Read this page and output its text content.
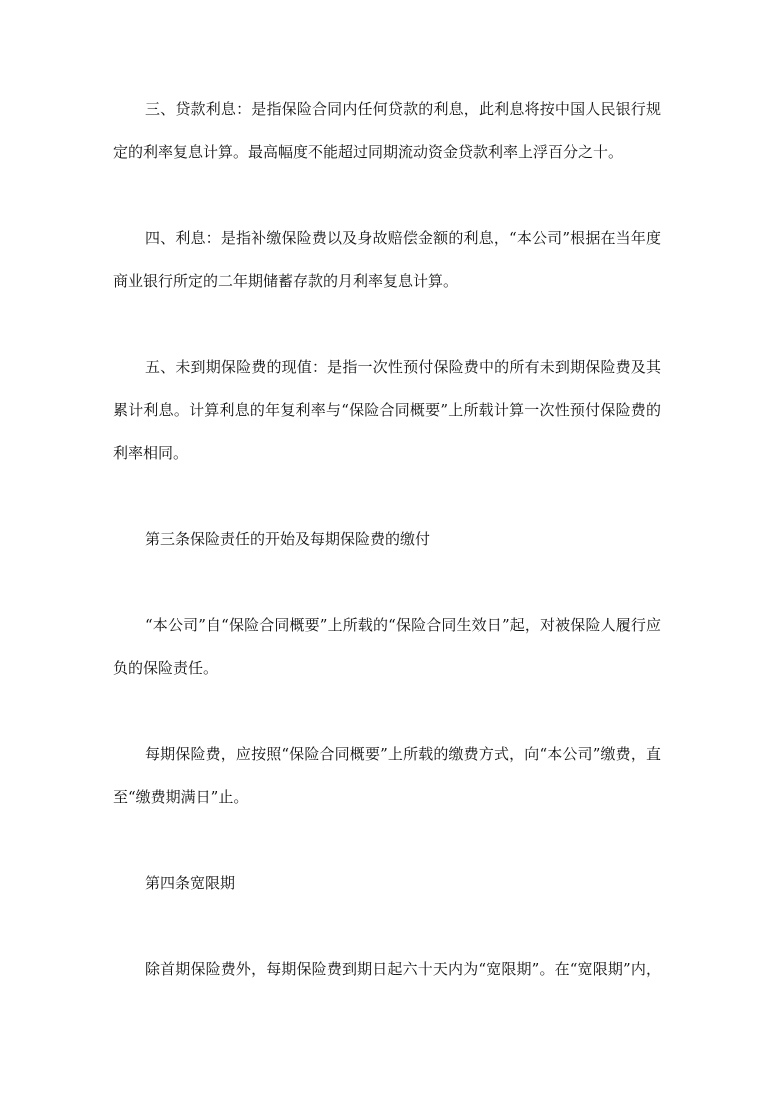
三、贷款利息：是指保险合同内任何贷款的利息，此利息将按中国人民银行规
定的利率复息计算。最高幅度不能超过同期流动资金贷款利率上浮百分之十。
四、利息：是指补缴保险费以及身故赔偿金额的利息，“本公司”根据在当年度
商业银行所定的二年期储蓄存款的月利率复息计算。
五、未到期保险费的现值：是指一次性预付保险费中的所有未到期保险费及其
累计利息。计算利息的年复利率与“保险合同概要”上所载计算一次性预付保险费的
利率相同。
第三条保险责任的开始及每期保险费的缴付
“本公司”自“保险合同概要”上所载的“保险合同生效日”起，对被保险人履行应
负的保险责任。
每期保险费，应按照“保险合同概要”上所载的缴费方式，向“本公司”缴费，直
至“缴费期满日”止。
第四条宽限期
除首期保险费外，每期保险费到期日起六十天内为“宽限期”。在“宽限期”内，
